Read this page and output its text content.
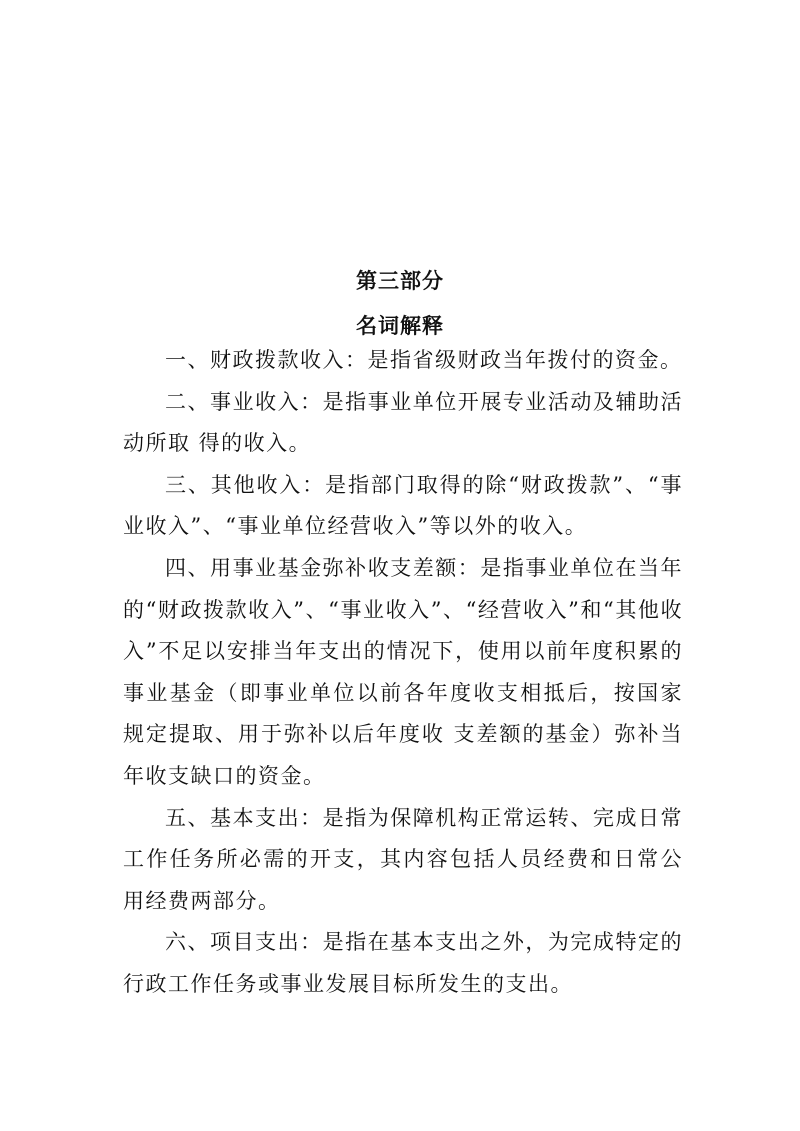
第三部分
名词解释

一、财政拨款收入：是指省级财政当年拨付的资金。

二、事业收入：是指事业单位开展专业活动及辅助活动所取 得的收入。

三、其他收入：是指部门取得的除“财政拨款”、“事业收入”、“事业单位经营收入”等以外的收入。

四、用事业基金弥补收支差额：是指事业单位在当年的“财政拨款收入”、“事业收入”、“经营收入”和“其他收入”不足以安排当年支出的情况下，使用以前年度积累的事业基金（即事业单位以前各年度收支相抵后，按国家规定提取、用于弥补以后年度收 支差额的基金）弥补当年收支缺口的资金。

五、基本支出：是指为保障机构正常运转、完成日常工作任务所必需的开支，其内容包括人员经费和日常公用经费两部分。

六、项目支出：是指在基本支出之外，为完成特定的行政工作任务或事业发展目标所发生的支出。
